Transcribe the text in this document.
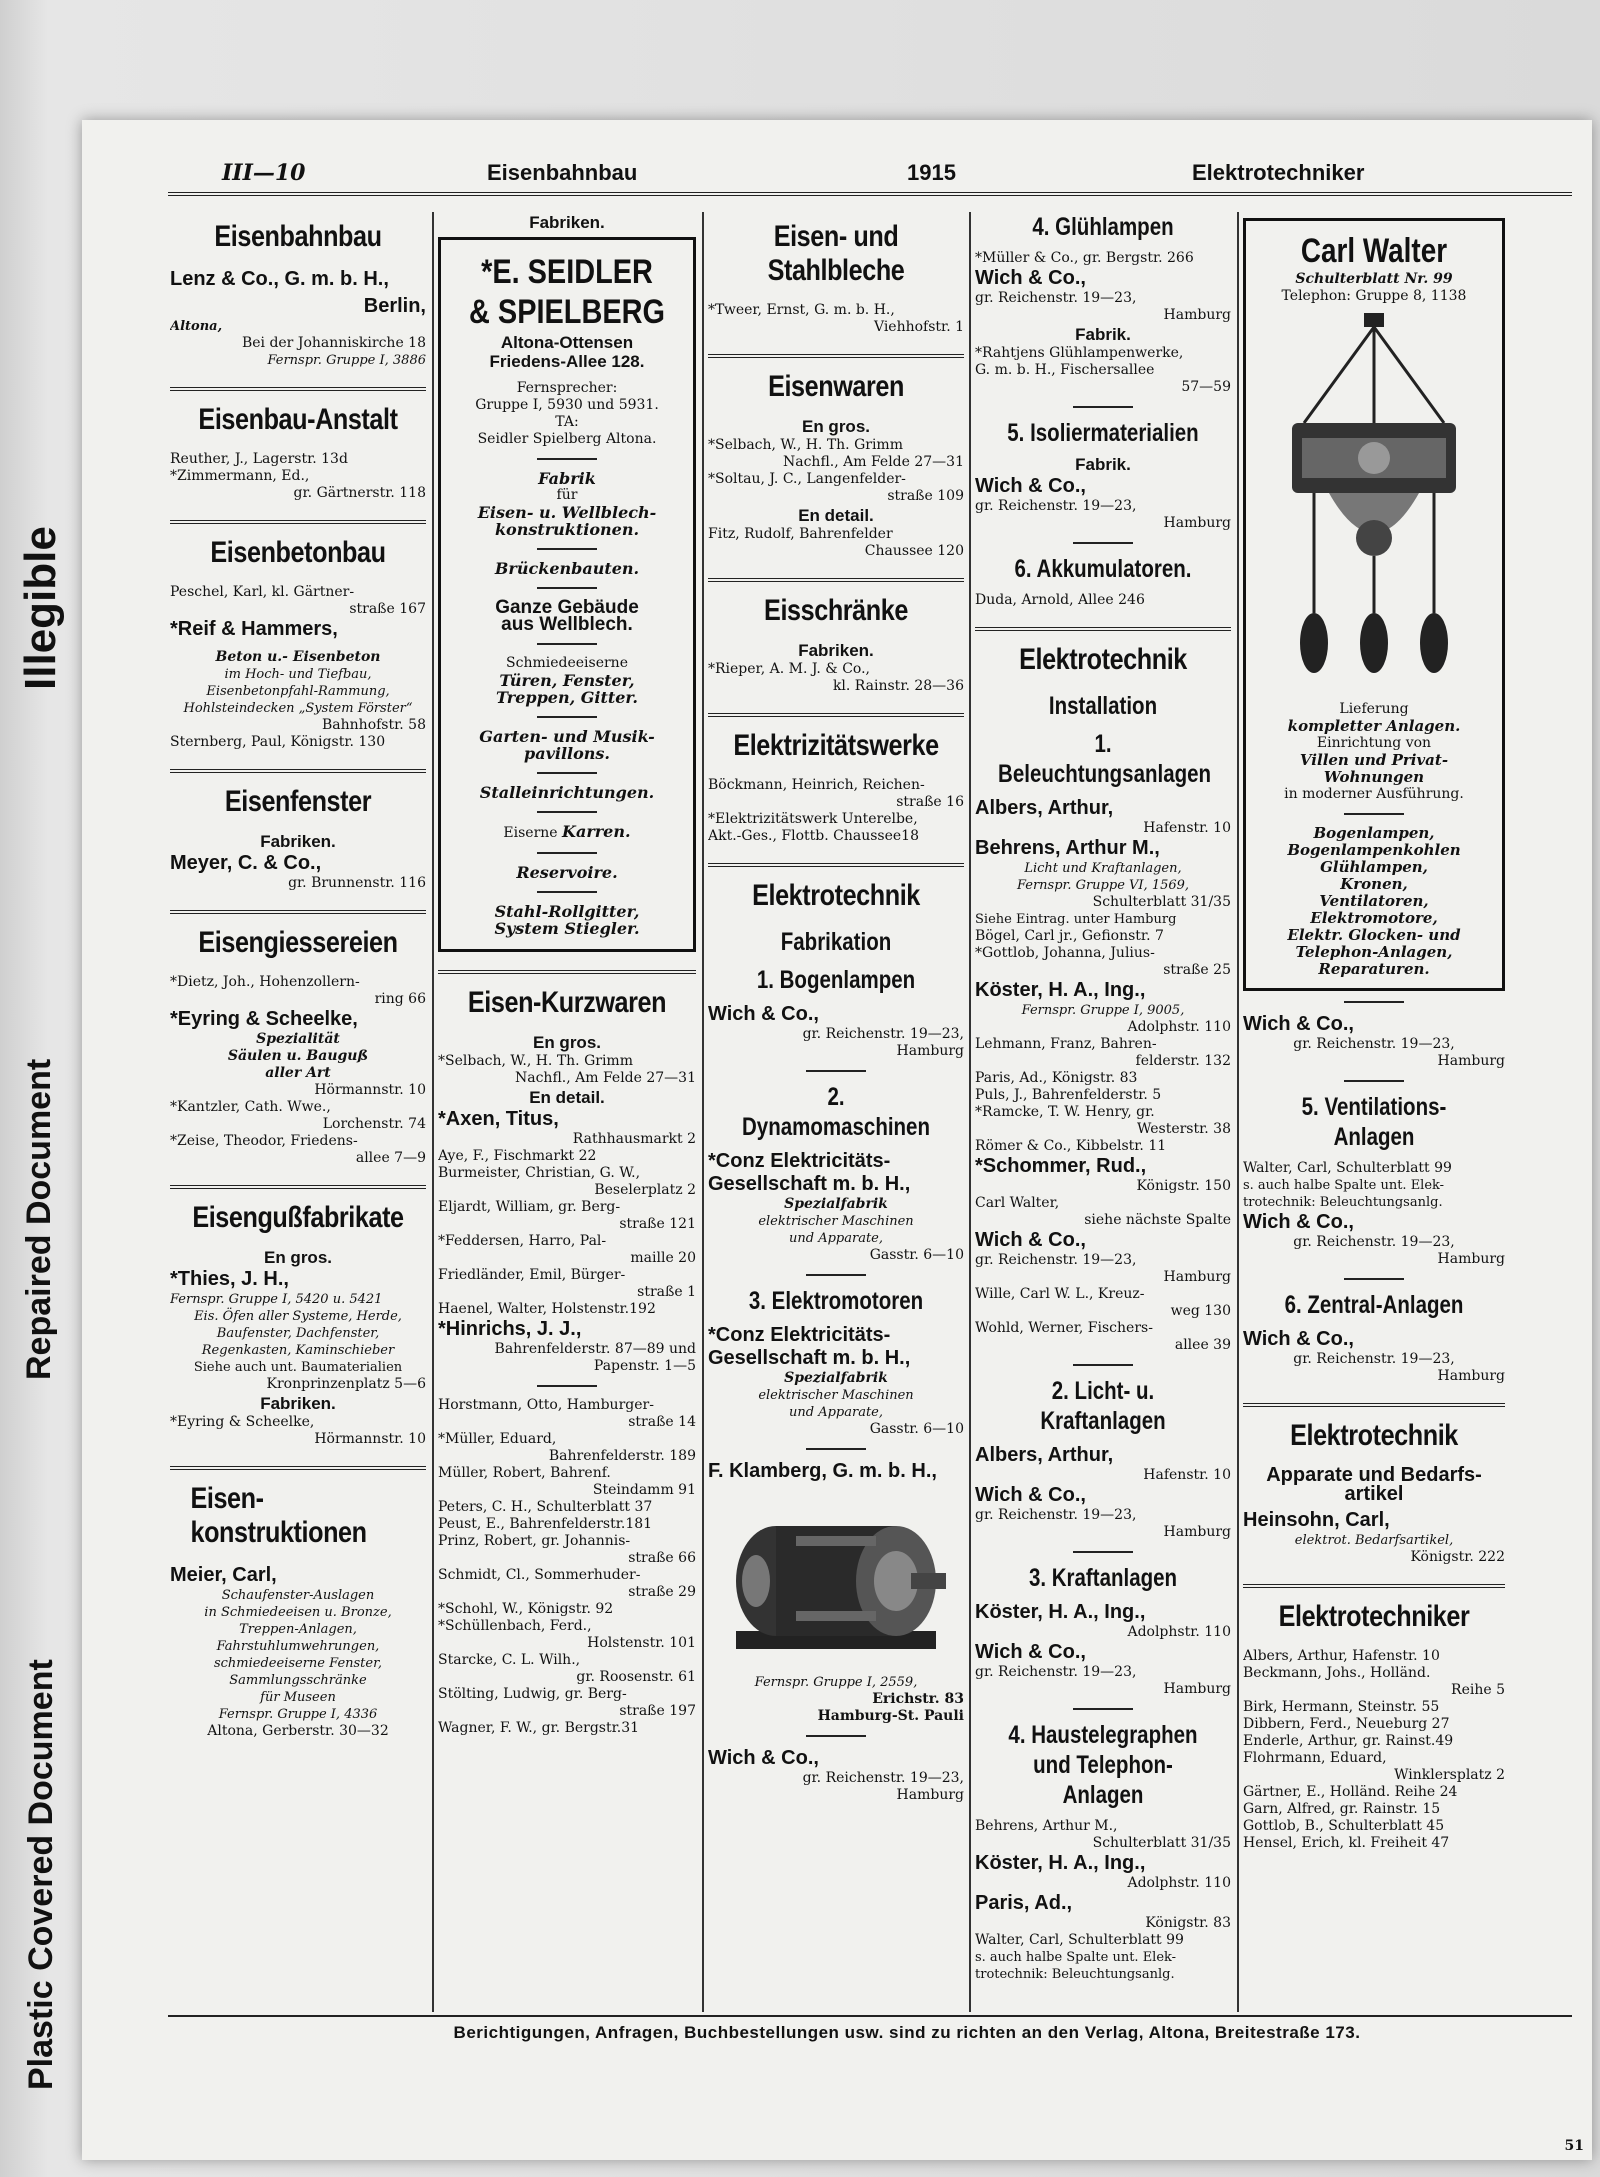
Plastic Covered Document
Repaired Document
Illegible
III—10	Eisenbahnbau	1915	Elektrotechniker
Eisenbahnbau
Lenz & Co., G. m. b. H.,
Berlin,
Altona,
Bei der Johanniskirche 18
Fernspr. Gruppe I, 3886
Eisenbau-Anstalt
Reuther, J., Lagerstr. 13d
*Zimmermann, Ed.,
gr. Gärtnerstr. 118
Eisenbetonbau
Peschel, Karl, kl. Gärtner-
straße 167
*Reif & Hammers,
Beton u.- Eisenbeton
im Hoch- und Tiefbau,
Eisenbetonpfahl-Rammung,
Hohlsteindecken „System Förster“
Bahnhofstr. 58
Sternberg, Paul, Königstr. 130
Eisenfenster
Fabriken.
Meyer, C. & Co.,
gr. Brunnenstr. 116
Eisengiessereien
*Dietz, Joh., Hohenzollern-
ring 66
*Eyring & Scheelke,
Spezialität
Säulen u. Bauguß
aller Art
Hörmannstr. 10
*Kantzler, Cath. Wwe.,
Lorchenstr. 74
*Zeise, Theodor, Friedens-
allee 7—9
Eisengußfabrikate
En gros.
*Thies, J. H.,
Fernspr. Gruppe I, 5420 u. 5421
Eis. Öfen aller Systeme, Herde,
Baufenster, Dachfenster,
Regenkasten, Kaminschieber
Siehe auch unt. Baumaterialien
Kronprinzenplatz 5—6
Fabriken.
*Eyring & Scheelke,
Hörmannstr. 10
Eisen-konstruktionen
Meier, Carl,
Schaufenster-Auslagen
in Schmiedeeisen u. Bronze,
Treppen-Anlagen,
Fahrstuhlumwehrungen,
schmiedeeiserne Fenster,
Sammlungsschränke
für Museen
Fernspr. Gruppe I, 4336
Altona, Gerberstr. 30—32
Fabriken.
*E. SEIDLER
& SPIELBERG
Altona-Ottensen
Friedens-Allee 128.
Fernsprecher:
Gruppe I, 5930 und 5931.
TA:
Seidler Spielberg Altona.
Fabrik
für
Eisen- u. Wellblech-
konstruktionen.
Brückenbauten.
Ganze Gebäude
aus Wellblech.
Schmiedeeiserne
Türen, Fenster,
Treppen, Gitter.
Garten- und Musik-
pavillons.
Stalleinrichtungen.
Eiserne Karren.
Reservoire.
Stahl-Rollgitter,
System Stiegler.
Eisen-Kurzwaren
En gros.
*Selbach, W., H. Th. Grimm
Nachfl., Am Felde 27—31
En detail.
*Axen, Titus,
Rathhausmarkt 2
Aye, F., Fischmarkt 22
Burmeister, Christian, G. W.,
Beselerplatz 2
Eljardt, William, gr. Berg-
straße 121
*Feddersen, Harro, Pal-
maille 20
Friedländer, Emil, Bürger-
straße 1
Haenel, Walter, Holstenstr.192
*Hinrichs, J. J.,
Bahrenfelderstr. 87—89 und
Papenstr. 1—5
Horstmann, Otto, Hamburger-
straße 14
*Müller, Eduard,
Bahrenfelderstr. 189
Müller, Robert, Bahrenf.
Steindamm 91
Peters, C. H., Schulterblatt 37
Peust, E., Bahrenfelderstr.181
Prinz, Robert, gr. Johannis-
straße 66
Schmidt, Cl., Sommerhuder-
straße 29
*Schohl, W., Königstr. 92
*Schüllenbach, Ferd.,
Holstenstr. 101
Starcke, C. L. Wilh.,
gr. Roosenstr. 61
Stölting, Ludwig, gr. Berg-
straße 197
Wagner, F. W., gr. Bergstr.31
Eisen- und Stahlbleche
*Tweer, Ernst, G. m. b. H.,
Viehhofstr. 1
Eisenwaren
En gros.
*Selbach, W., H. Th. Grimm
Nachfl., Am Felde 27—31
*Soltau, J. C., Langenfelder-
straße 109
En detail.
Fitz, Rudolf, Bahrenfelder
Chaussee 120
Eisschränke
Fabriken.
*Rieper, A. M. J. & Co.,
kl. Rainstr. 28—36
Elektrizitätswerke
Böckmann, Heinrich, Reichen-
straße 16
*Elektrizitätswerk Unterelbe,
Akt.-Ges., Flottb. Chaussee18
Elektrotechnik
Fabrikation
1. Bogenlampen
Wich & Co.,
gr. Reichenstr. 19—23,
Hamburg
2. Dynamomaschinen
*Conz Elektricitäts-
Gesellschaft m. b. H.,
Spezialfabrik
elektrischer Maschinen
und Apparate,
Gasstr. 6—10
3. Elektromotoren
*Conz Elektricitäts-
Gesellschaft m. b. H.,
Spezialfabrik
elektrischer Maschinen
und Apparate,
Gasstr. 6—10
F. Klamberg, G. m. b. H.,
Fernspr. Gruppe I, 2559,
Erichstr. 83
Hamburg-St. Pauli
Wich & Co.,
gr. Reichenstr. 19—23,
Hamburg
4. Glühlampen
*Müller & Co., gr. Bergstr. 266
Wich & Co.,
gr. Reichenstr. 19—23,
Hamburg
Fabrik.
*Rahtjens Glühlampenwerke,
G. m. b. H., Fischersallee
57—59
5. Isoliermaterialien
Fabrik.
Wich & Co.,
gr. Reichenstr. 19—23,
Hamburg
6. Akkumulatoren.
Duda, Arnold, Allee 246
Elektrotechnik
Installation
1. Beleuchtungsanlagen
Albers, Arthur,
Hafenstr. 10
Behrens, Arthur M.,
Licht und Kraftanlagen,
Fernspr. Gruppe VI, 1569,
Schulterblatt 31/35
Siehe Eintrag. unter Hamburg
Bögel, Carl jr., Gefionstr. 7
*Gottlob, Johanna, Julius-
straße 25
Köster, H. A., Ing.,
Fernspr. Gruppe I, 9005,
Adolphstr. 110
Lehmann, Franz, Bahren-
felderstr. 132
Paris, Ad., Königstr. 83
Puls, J., Bahrenfelderstr. 5
*Ramcke, T. W. Henry, gr.
Westerstr. 38
Römer & Co., Kibbelstr. 11
*Schommer, Rud.,
Königstr. 150
Carl Walter,
siehe nächste Spalte
Wich & Co.,
gr. Reichenstr. 19—23,
Hamburg
Wille, Carl W. L., Kreuz-
weg 130
Wohld, Werner, Fischers-
allee 39
2. Licht- u. Kraftanlagen
Albers, Arthur,
Hafenstr. 10
Wich & Co.,
gr. Reichenstr. 19—23,
Hamburg
3. Kraftanlagen
Köster, H. A., Ing.,
Adolphstr. 110
Wich & Co.,
gr. Reichenstr. 19—23,
Hamburg
4. Haustelegraphen und Telephon-Anlagen
Behrens, Arthur M.,
Schulterblatt 31/35
Köster, H. A., Ing.,
Adolphstr. 110
Paris, Ad.,
Königstr. 83
Walter, Carl, Schulterblatt 99
s. auch halbe Spalte unt. Elek-
trotechnik: Beleuchtungsanlg.
Carl Walter
Schulterblatt Nr. 99
Telephon: Gruppe 8, 1138
Lieferung
kompletter Anlagen.
Einrichtung von
Villen und Privat-
Wohnungen
in moderner Ausführung.
Bogenlampen,
Bogenlampenkohlen
Glühlampen,
Kronen,
Ventilatoren,
Elektromotore,
Elektr. Glocken- und
Telephon-Anlagen,
Reparaturen.
Wich & Co.,
gr. Reichenstr. 19—23,
Hamburg
5. Ventilations-Anlagen
Walter, Carl, Schulterblatt 99
s. auch halbe Spalte unt. Elek-
trotechnik: Beleuchtungsanlg.
Wich & Co.,
gr. Reichenstr. 19—23,
Hamburg
6. Zentral-Anlagen
Wich & Co.,
gr. Reichenstr. 19—23,
Hamburg
Elektrotechnik
Apparate und Bedarfs-
artikel
Heinsohn, Carl,
elektrot. Bedarfsartikel,
Königstr. 222
Elektrotechniker
Albers, Arthur, Hafenstr. 10
Beckmann, Johs., Holländ.
Reihe 5
Birk, Hermann, Steinstr. 55
Dibbern, Ferd., Neueburg 27
Enderle, Arthur, gr. Rainst.49
Flohrmann, Eduard,
Winklersplatz 2
Gärtner, E., Holländ. Reihe 24
Garn, Alfred, gr. Rainstr. 15
Gottlob, B., Schulterblatt 45
Hensel, Erich, kl. Freiheit 47
Berichtigungen, Anfragen, Buchbestellungen usw. sind zu richten an den Verlag, Altona, Breitestraße 173.
51
